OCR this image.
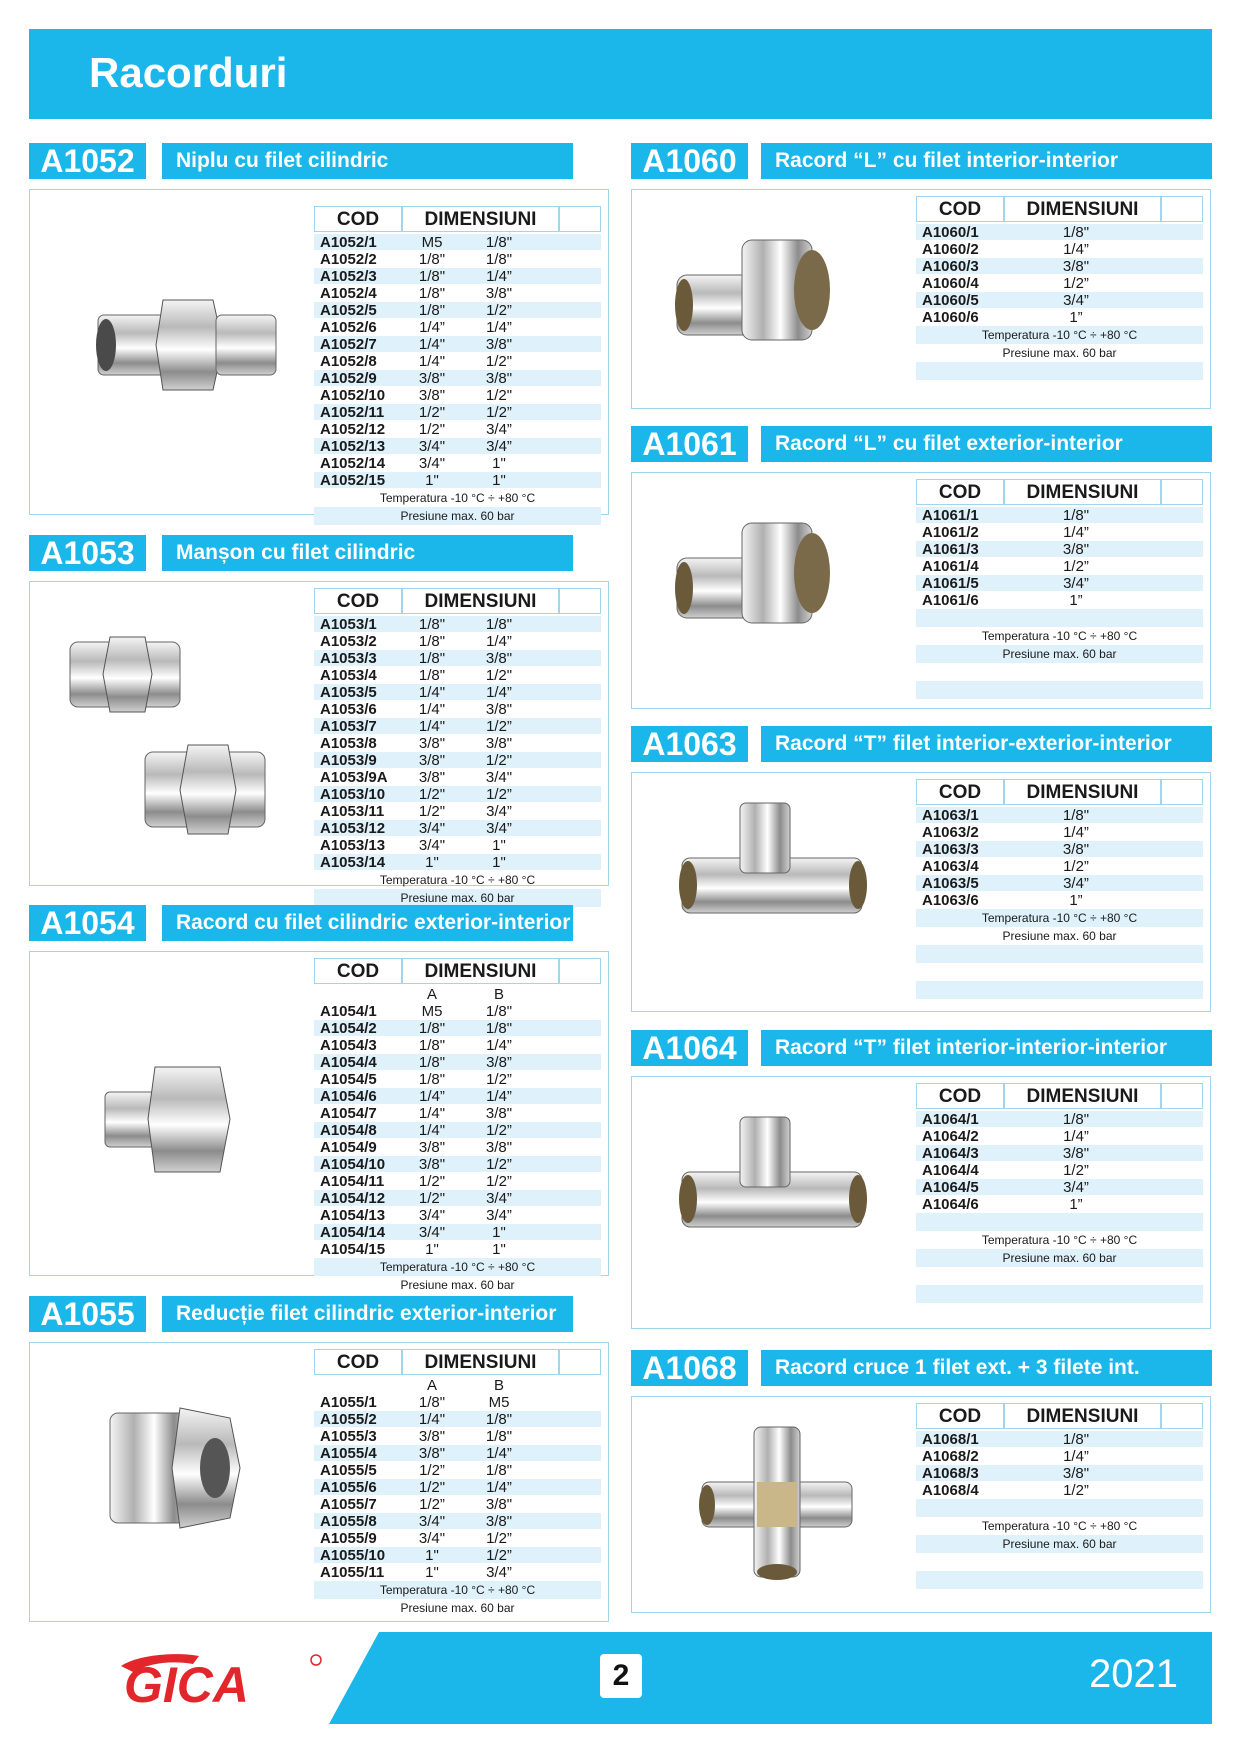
Racorduri
A1052	Niplu cu filet cilindric
COD	DIMENSIUNI
A1052/1	M5	1/8"
A1052/2	1/8"	1/8"
A1052/3	1/8"	1/4”
A1052/4	1/8"	3/8"
A1052/5	1/8"	1/2”
A1052/6	1/4”	1/4”
A1052/7	1/4"	3/8"
A1052/8	1/4"	1/2"
A1052/9	3/8"	3/8"
A1052/10	3/8"	1/2"
A1052/11	1/2"	1/2”
A1052/12	1/2"	3/4”
A1052/13	3/4"	3/4”
A1052/14	3/4"	1"
A1052/15	1"	1"
Temperatura -10 °C ÷ +80 °C
Presiune max. 60 bar
A1053	Manșon cu filet cilindric
COD	DIMENSIUNI
A1053/1	1/8"	1/8"
A1053/2	1/8"	1/4”
A1053/3	1/8"	3/8"
A1053/4	1/8"	1/2"
A1053/5	1/4"	1/4”
A1053/6	1/4"	3/8"
A1053/7	1/4"	1/2”
A1053/8	3/8"	3/8"
A1053/9	3/8"	1/2"
A1053/9A	3/8"	3/4"
A1053/10	1/2"	1/2”
A1053/11	1/2"	3/4”
A1053/12	3/4"	3/4”
A1053/13	3/4"	1"
A1053/14	1"	1"
Temperatura -10 °C ÷ +80 °C
Presiune max. 60 bar
A1054	Racord cu filet cilindric exterior-interior
COD	DIMENSIUNI
A	B
A1054/1	M5	1/8"
A1054/2	1/8"	1/8"
A1054/3	1/8"	1/4”
A1054/4	1/8"	3/8”
A1054/5	1/8"	1/2”
A1054/6	1/4”	1/4”
A1054/7	1/4"	3/8"
A1054/8	1/4"	1/2”
A1054/9	3/8"	3/8"
A1054/10	3/8"	1/2”
A1054/11	1/2"	1/2”
A1054/12	1/2"	3/4”
A1054/13	3/4"	3/4”
A1054/14	3/4"	1"
A1054/15	1"	1"
Temperatura -10 °C ÷ +80 °C
Presiune max. 60 bar
A1055	Reducție filet cilindric exterior-interior
COD	DIMENSIUNI
A	B
A1055/1	1/8"	M5
A1055/2	1/4"	1/8"
A1055/3	3/8"	1/8"
A1055/4	3/8"	1/4”
A1055/5	1/2”	1/8"
A1055/6	1/2"	1/4”
A1055/7	1/2”	3/8"
A1055/8	3/4"	3/8"
A1055/9	3/4"	1/2”
A1055/10	1"	1/2”
A1055/11	1"	3/4”
Temperatura -10 °C ÷ +80 °C
Presiune max. 60 bar
A1060	Racord “L” cu filet interior-interior
COD	DIMENSIUNI
A1060/1	1/8"
A1060/2	1/4”
A1060/3	3/8"
A1060/4	1/2”
A1060/5	3/4”
A1060/6	1”
Temperatura -10 °C ÷ +80 °C
Presiune max. 60 bar
A1061	Racord “L” cu filet exterior-interior
COD	DIMENSIUNI
A1061/1	1/8"
A1061/2	1/4”
A1061/3	3/8"
A1061/4	1/2”
A1061/5	3/4”
A1061/6	1”
Temperatura -10 °C ÷ +80 °C
Presiune max. 60 bar
A1063	Racord “T” filet interior-exterior-interior
COD	DIMENSIUNI
A1063/1	1/8"
A1063/2	1/4”
A1063/3	3/8"
A1063/4	1/2”
A1063/5	3/4”
A1063/6	1”
Temperatura -10 °C ÷ +80 °C
Presiune max. 60 bar
A1064	Racord “T” filet interior-interior-interior
COD	DIMENSIUNI
A1064/1	1/8"
A1064/2	1/4”
A1064/3	3/8"
A1064/4	1/2”
A1064/5	3/4”
A1064/6	1”
Temperatura -10 °C ÷ +80 °C
Presiune max. 60 bar
A1068	Racord cruce 1 filet ext. + 3 filete int.
COD	DIMENSIUNI
A1068/1	1/8"
A1068/2	1/4”
A1068/3	3/8"
A1068/4	1/2”
Temperatura -10 °C ÷ +80 °C
Presiune max. 60 bar
GICA	2	2021
